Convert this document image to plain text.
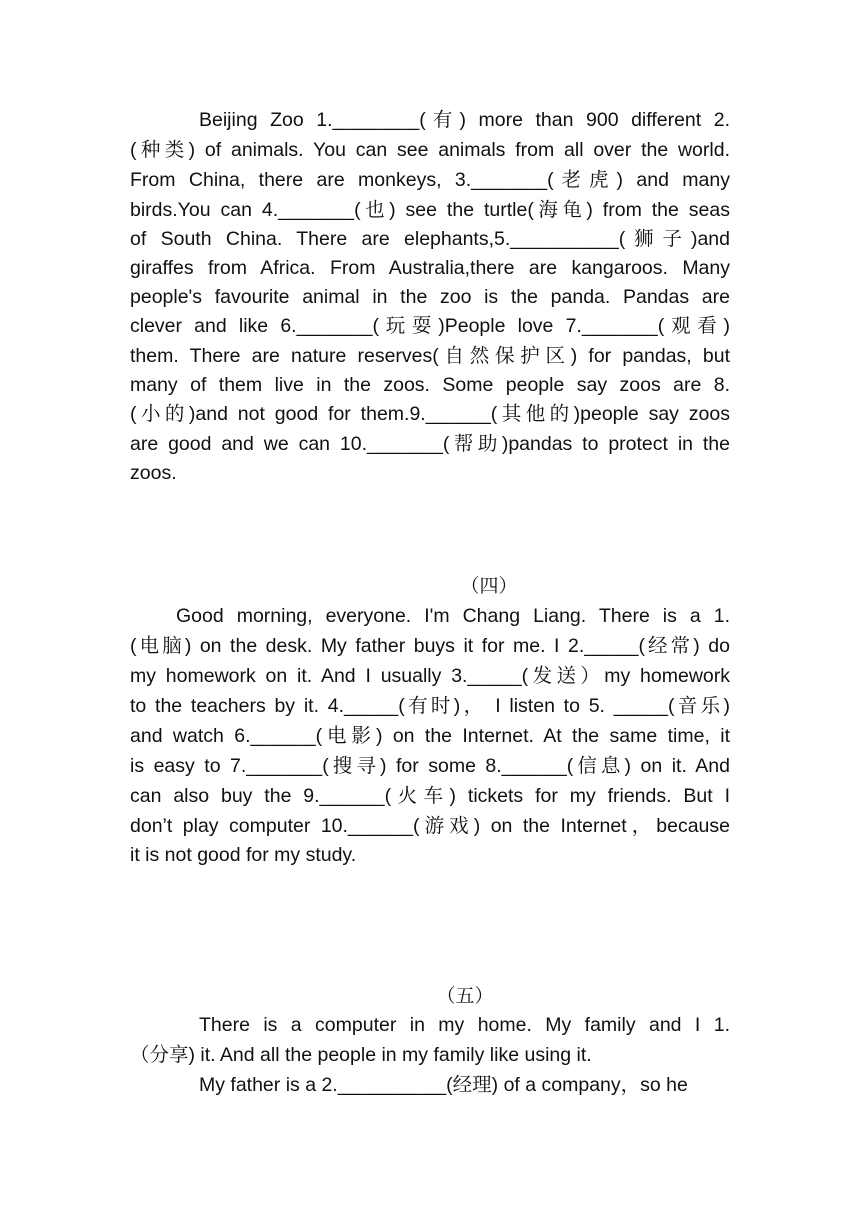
Beijing Zoo 1.________(有) more than 900 different 2.
(种类) of animals. You can see animals from all over the world.
From China, there are monkeys, 3._______(老虎) and many
birds.You can 4._______(也) see the turtle(海龟) from the seas
of South China. There are elephants,5.__________(狮子)and
giraffes from Africa. From Australia,there are kangaroos. Many
people's favourite animal in the zoo is the panda. Pandas are
clever and like 6._______(玩耍)People love 7._______(观看)
them. There are nature reserves(自然保护区) for pandas, but
many of them live in the zoos. Some people say zoos are 8.
(小的)and not good for them.9.______(其他的)people say zoos
are good and we can 10._______(帮助)pandas to protect in the
zoos.
（四）
Good morning, everyone. I'm Chang Liang. There is a 1.
(电脑) on the desk. My father buys it for me. I 2._____(经常) do
my homework on it. And I usually 3._____(发送）my homework
to the teachers by it. 4._____(有时)， I listen to 5. _____(音乐)
and watch 6.______(电影) on the Internet. At the same time, it
is easy to 7._______(搜寻) for some 8.______(信息) on it. And
can also buy the 9.______(火车) tickets for my friends. But I
don’t play computer 10.______(游戏) on the Internet，because
it is not good for my study.
（五）
There is a computer in my home. My family and I 1.
（分享) it. And all the people in my family like using it.
My father is a 2.__________(经理) of a company，so he
